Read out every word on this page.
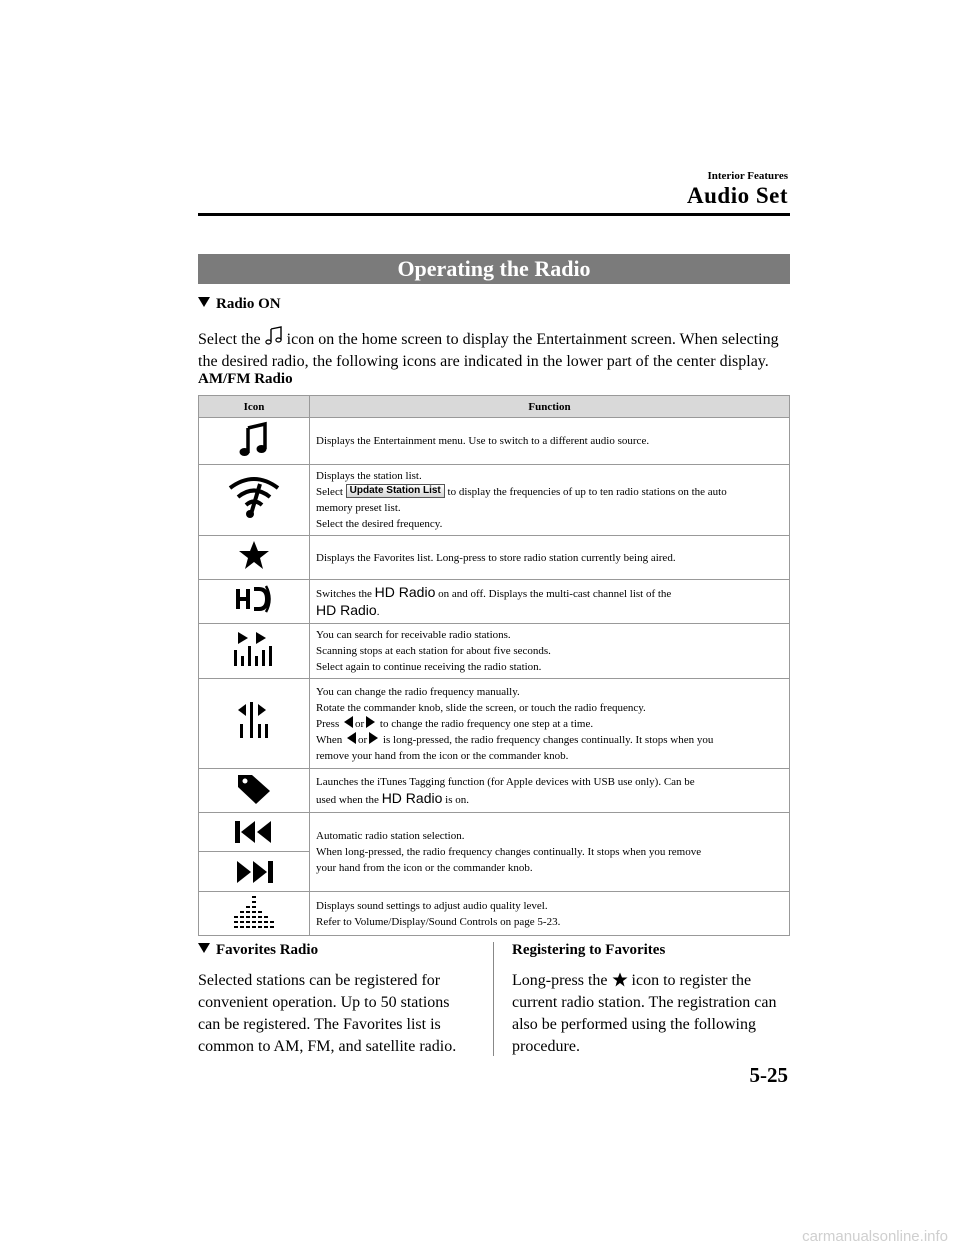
Interior Features
Audio Set
Operating the Radio
Radio ON
Select the icon on the home screen to display the Entertainment screen. When selecting
the desired radio, the following icons are indicated in the lower part of the center display.
AM/FM Radio
Icon	Function
	Displays the Entertainment menu. Use to switch to a different audio source.

Displays the station list.
Select Update Station List to display the frequencies of up to ten radio stations on the auto
memory preset list.
Select the desired frequency.

	Displays the Favorites list. Long-press to store radio station currently being aired.

Switches the HD Radio on and off. Displays the multi-cast channel list of the
HD Radio.

You can search for receivable radio stations.
Scanning stops at each station for about five seconds.
Select again to continue receiving the radio station.

You can change the radio frequency manually.
Rotate the commander knob, slide the screen, or touch the radio frequency.
Press or to change the radio frequency one step at a time.
When or is long-pressed, the radio frequency changes continually. It stops when you
remove your hand from the icon or the commander knob.

Launches the iTunes Tagging function (for Apple devices with USB use only). Can be
used when the HD Radio is on.

Automatic radio station selection.
When long-pressed, the radio frequency changes continually. It stops when you remove
your hand from the icon or the commander knob.

Displays sound settings to adjust audio quality level.
Refer to Volume/Display/Sound Controls on page 5-23.
Favorites Radio
Selected stations can be registered for
convenient operation. Up to 50 stations
can be registered. The Favorites list is
common to AM, FM, and satellite radio.
Registering to Favorites
Long-press the icon to register the
current radio station. The registration can
also be performed using the following
procedure.
5-25
carmanualsonline.info
